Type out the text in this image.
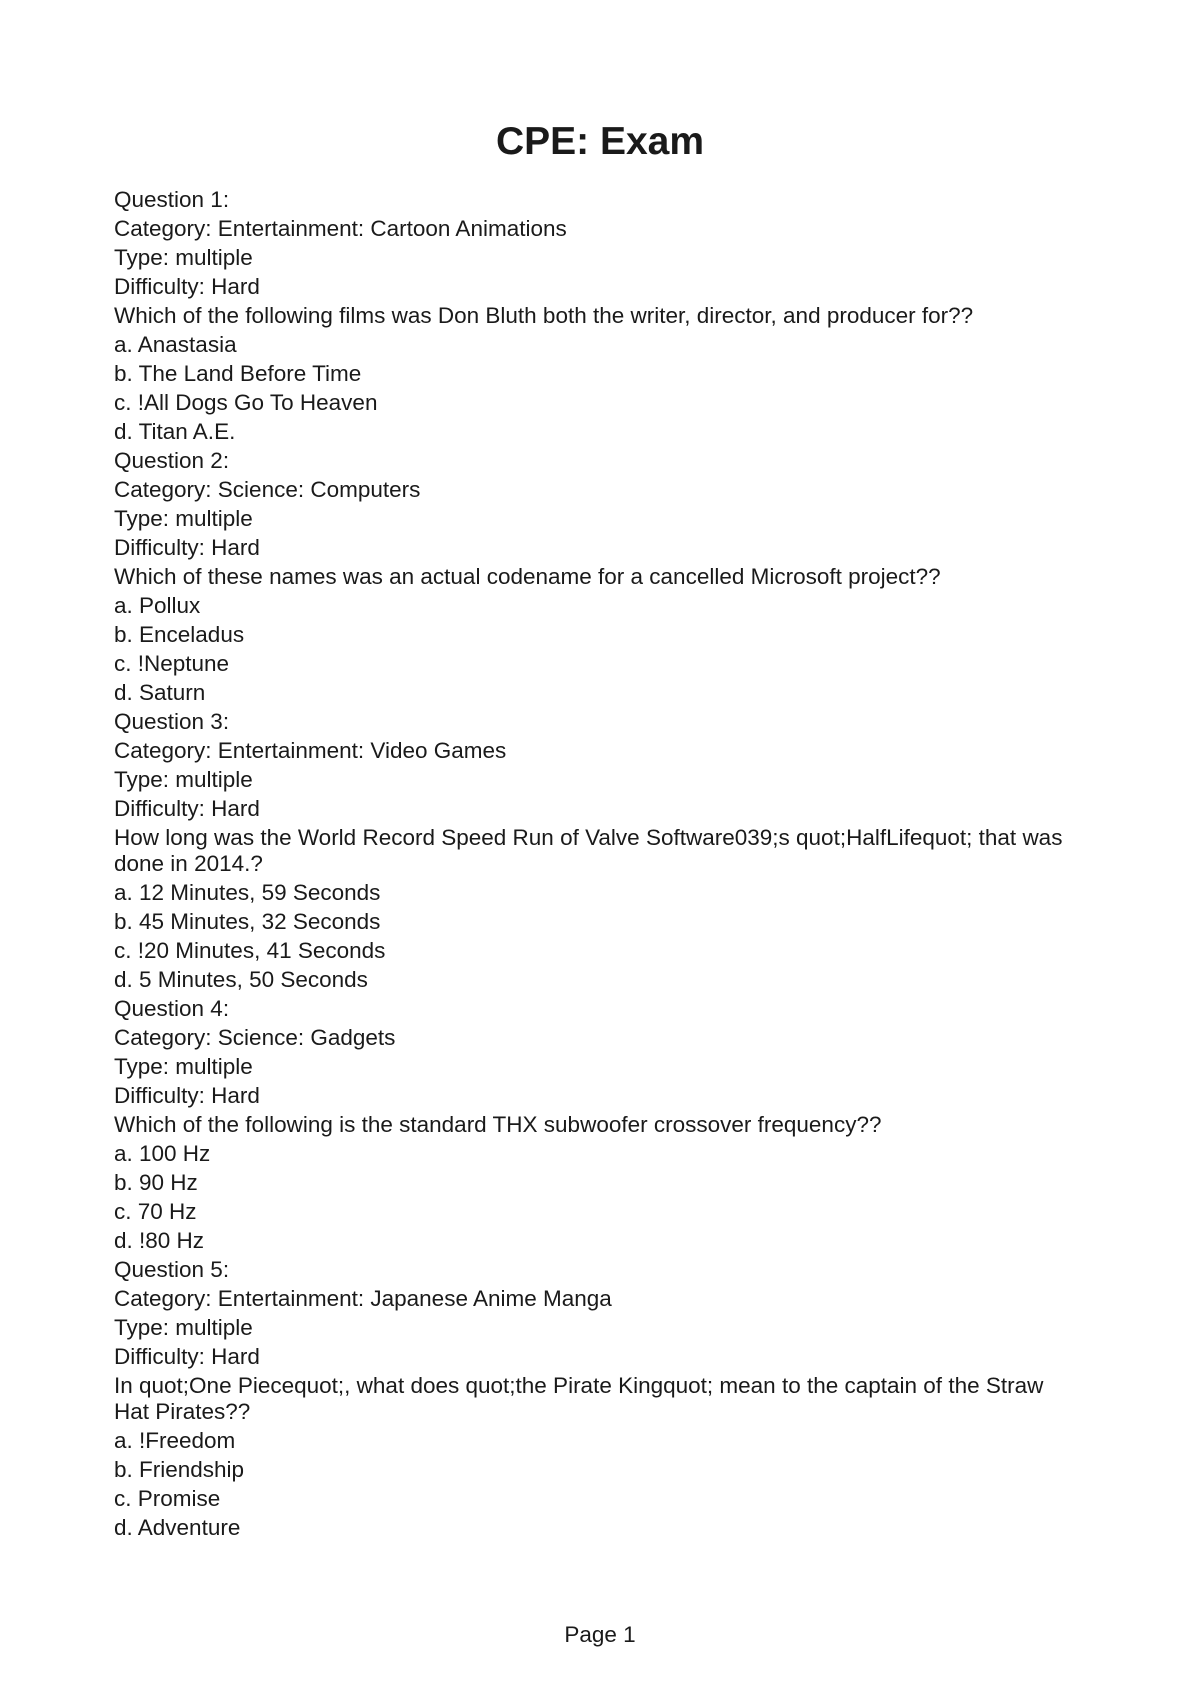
CPE: Exam
Question 1:
Category: Entertainment: Cartoon Animations
Type: multiple
Difficulty: Hard
Which of the following films was Don Bluth both the writer, director, and producer for??
a. Anastasia
b. The Land Before Time
c. !All Dogs Go To Heaven
d. Titan A.E.
Question 2:
Category: Science: Computers
Type: multiple
Difficulty: Hard
Which of these names was an actual codename for a cancelled Microsoft project??
a. Pollux
b. Enceladus
c. !Neptune
d. Saturn
Question 3:
Category: Entertainment: Video Games
Type: multiple
Difficulty: Hard
How long was the World Record Speed Run of Valve Software039;s quot;HalfLifequot; that was done in 2014.?
a. 12 Minutes, 59 Seconds
b. 45 Minutes, 32 Seconds
c. !20 Minutes, 41 Seconds
d. 5 Minutes, 50 Seconds
Question 4:
Category: Science: Gadgets
Type: multiple
Difficulty: Hard
Which of the following is the standard THX subwoofer crossover frequency??
a. 100 Hz
b. 90 Hz
c. 70 Hz
d. !80 Hz
Question 5:
Category: Entertainment: Japanese Anime Manga
Type: multiple
Difficulty: Hard
In quot;One Piecequot;, what does quot;the Pirate Kingquot; mean to the captain of the Straw Hat Pirates??
a. !Freedom
b. Friendship
c. Promise
d. Adventure
Page 1
